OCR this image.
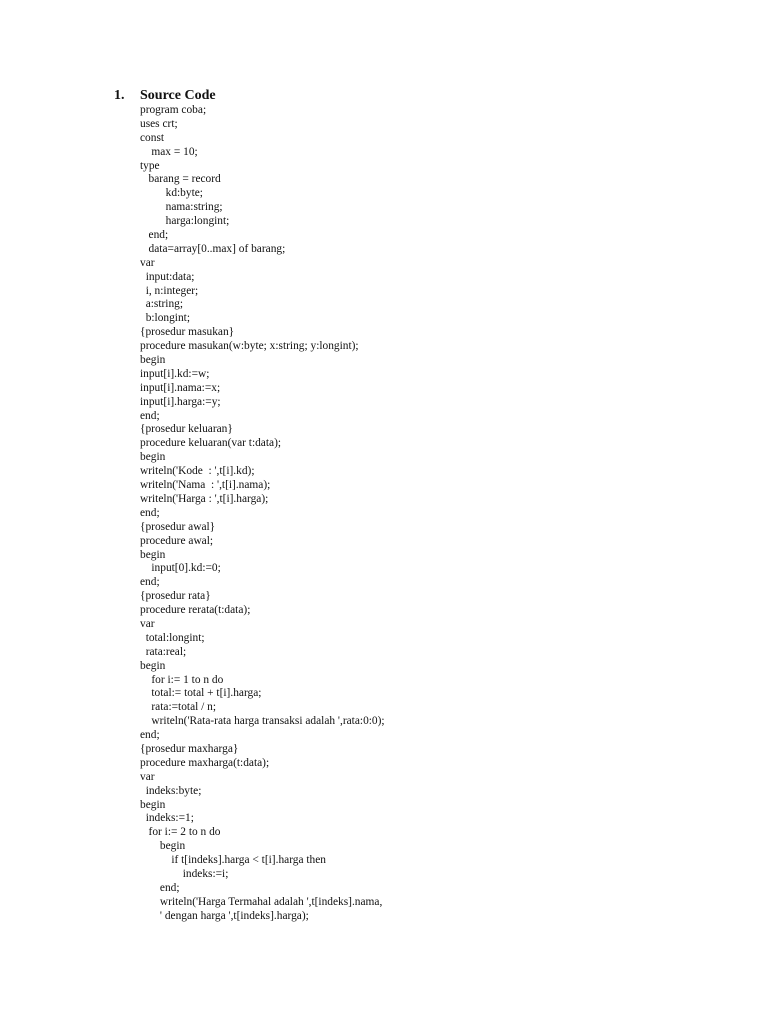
1. Source Code
program coba;
uses crt;
const
max = 10;
type
barang = record
kd:byte;
nama:string;
harga:longint;
end;
data=array[0..max] of barang;
var
input:data;
i, n:integer;
a:string;
b:longint;
{prosedur masukan}
procedure masukan(w:byte; x:string; y:longint);
begin
input[i].kd:=w;
input[i].nama:=x;
input[i].harga:=y;
end;
{prosedur keluaran}
procedure keluaran(var t:data);
begin
writeln('Kode  : ',t[i].kd);
writeln('Nama  : ',t[i].nama);
writeln('Harga : ',t[i].harga);
end;
{prosedur awal}
procedure awal;
begin
input[0].kd:=0;
end;
{prosedur rata}
procedure rerata(t:data);
var
total:longint;
rata:real;
begin
for i:= 1 to n do
total:= total + t[i].harga;
rata:=total / n;
writeln('Rata-rata harga transaksi adalah ',rata:0:0);
end;
{prosedur maxharga}
procedure maxharga(t:data);
var
indeks:byte;
begin
indeks:=1;
for i:= 2 to n do
begin
if t[indeks].harga < t[i].harga then
indeks:=i;
end;
writeln('Harga Termahal adalah ',t[indeks].nama,
' dengan harga ',t[indeks].harga);
